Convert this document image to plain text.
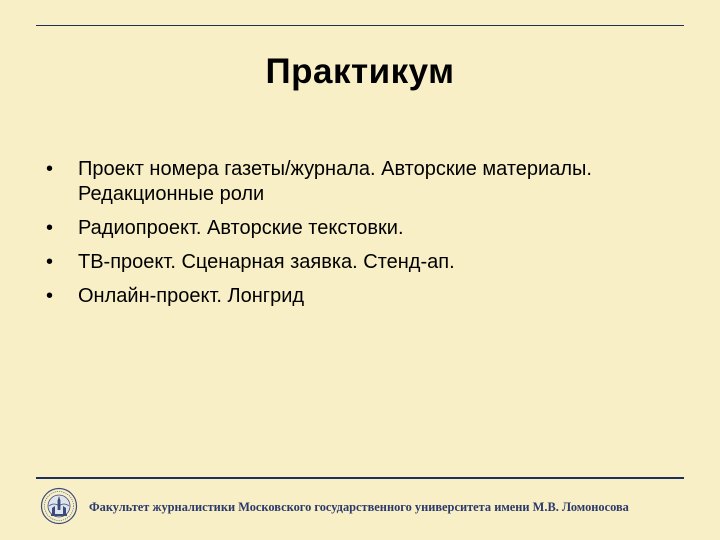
Практикум
• Проект номера газеты/журнала. Авторские материалы. Редакционные роли
• Радиопроект. Авторские текстовки.
• ТВ-проект. Сценарная заявка. Стенд-ап.
• Онлайн-проект. Лонгрид
Факультет журналистики Московского государственного университета имени М.В. Ломоносова
